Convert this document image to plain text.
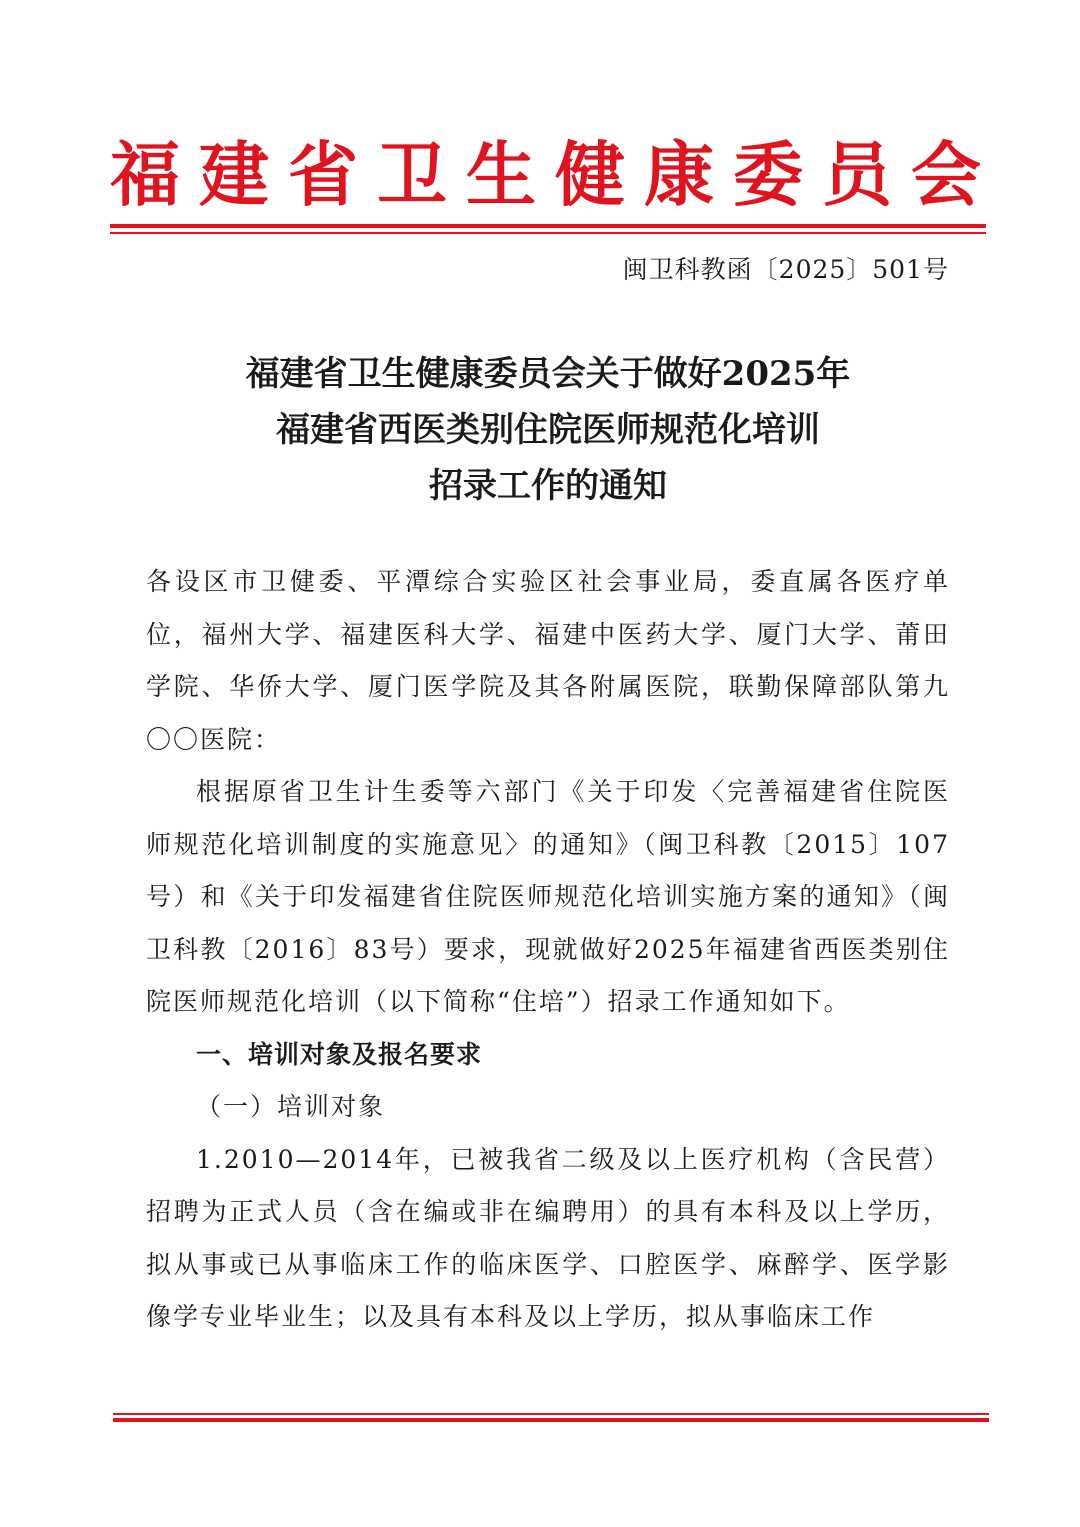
福建省卫生健康委员会
闽卫科教函〔2025〕501号
福建省卫生健康委员会关于做好2025年
福建省西医类别住院医师规范化培训
招录工作的通知

各设区市卫健委、平潭综合实验区社会事业局，委直属各医疗单位，福州大学、福建医科大学、福建中医药大学、厦门大学、莆田学院、华侨大学、厦门医学院及其各附属医院，联勤保障部队第九〇〇医院：

根据原省卫生计生委等六部门《关于印发〈完善福建省住院医师规范化培训制度的实施意见〉的通知》（闽卫科教〔2015〕107号）和《关于印发福建省住院医师规范化培训实施方案的通知》（闽卫科教〔2016〕83号）要求，现就做好2025年福建省西医类别住院医师规范化培训（以下简称“住培”）招录工作通知如下。

一、培训对象及报名要求

（一）培训对象

1.2010—2014年，已被我省二级及以上医疗机构（含民营）招聘为正式人员（含在编或非在编聘用）的具有本科及以上学历，拟从事或已从事临床工作的临床医学、口腔医学、麻醉学、医学影像学专业毕业生；以及具有本科及以上学历，拟从事临床工作
